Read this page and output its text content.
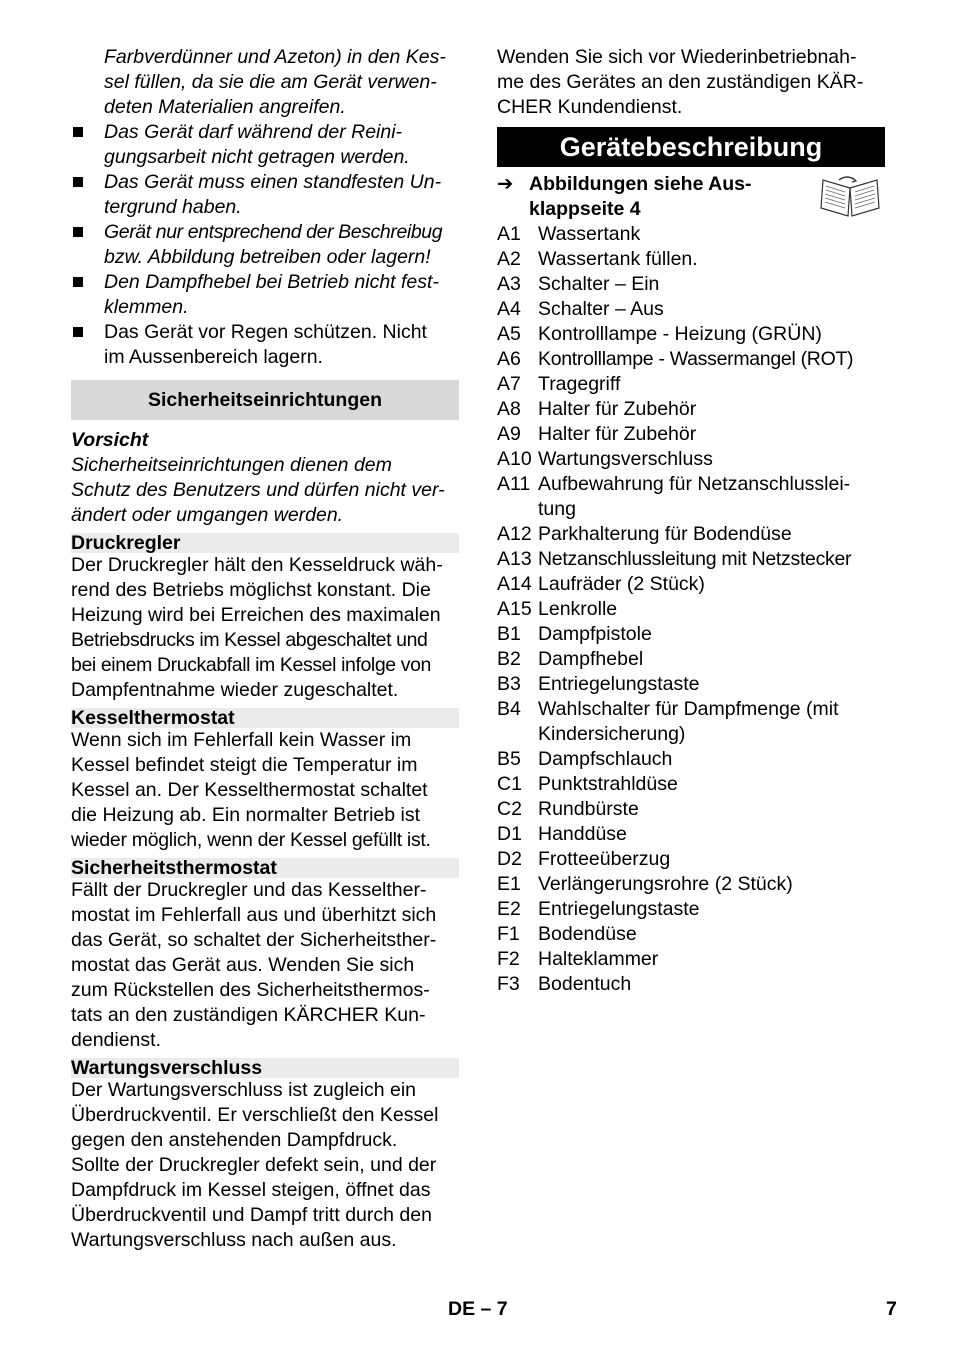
Farbverdünner und Azeton) in den Kes-

sel füllen, da sie die am Gerät verwen-

deten Materialien angreifen.

Das Gerät darf während der Reini-

gungsarbeit nicht getragen werden.

Das Gerät muss einen standfesten Un-

tergrund haben.

Gerät nur entsprechend der Beschreibug

bzw. Abbildung betreiben oder lagern!

Den Dampfhebel bei Betrieb nicht fest-

klemmen.

Das Gerät vor Regen schützen. Nicht

im Aussenbereich lagern.

Sicherheitseinrichtungen

Vorsicht

Sicherheitseinrichtungen dienen dem

Schutz des Benutzers und dürfen nicht ver-

ändert oder umgangen werden.

Druckregler

Der Druckregler hält den Kesseldruck wäh-

rend des Betriebs möglichst konstant. Die

Heizung wird bei Erreichen des maximalen

Betriebsdrucks im Kessel abgeschaltet und

bei einem Druckabfall im Kessel infolge von

Dampfentnahme wieder zugeschaltet.

Kesselthermostat

Wenn sich im Fehlerfall kein Wasser im

Kessel befindet steigt die Temperatur im

Kessel an. Der Kesselthermostat schaltet

die Heizung ab. Ein normalter Betrieb ist

wieder möglich, wenn der Kessel gefüllt ist.

Sicherheitsthermostat

Fällt der Druckregler und das Kesselther-

mostat im Fehlerfall aus und überhitzt sich

das Gerät, so schaltet der Sicherheitsther-

mostat das Gerät aus. Wenden Sie sich

zum Rückstellen des Sicherheitsthermos-

tats an den zuständigen KÄRCHER Kun-

dendienst.

Wartungsverschluss

Der Wartungsverschluss ist zugleich ein

Überdruckventil. Er verschließt den Kessel

gegen den anstehenden Dampfdruck.

Sollte der Druckregler defekt sein, und der

Dampfdruck im Kessel steigen, öffnet das

Überdruckventil und Dampf tritt durch den

Wartungsverschluss nach außen aus.

Wenden Sie sich vor Wiederinbetriebnah-

me des Gerätes an den zuständigen KÄR-

CHER Kundendienst.

Gerätebeschreibung
➔ Abbildungen siehe Aus-

klappseite 4

A1 Wassertank
A2 Wassertank füllen.
A3 Schalter – Ein
A4 Schalter – Aus
A5 Kontrolllampe - Heizung (GRÜN)
A6 Kontrolllampe - Wassermangel (ROT)
A7 Tragegriff
A8 Halter für Zubehör
A9 Halter für Zubehör
A10 Wartungsverschluss
A11 Aufbewahrung für Netzanschlusslei-

tung

A12 Parkhalterung für Bodendüse
A13 Netzanschlussleitung mit Netzstecker
A14 Laufräder (2 Stück)
A15 Lenkrolle
B1 Dampfpistole
B2 Dampfhebel
B3 Entriegelungstaste
B4 Wahlschalter für Dampfmenge (mit

Kindersicherung)

B5 Dampfschlauch
C1 Punktstrahldüse
C2 Rundbürste
D1 Handdüse
D2 Frotteeüberzug
E1 Verlängerungsrohre (2 Stück)
E2 Entriegelungstaste
F1 Bodendüse
F2 Halteklammer
F3 Bodentuch
DE – 7	7
